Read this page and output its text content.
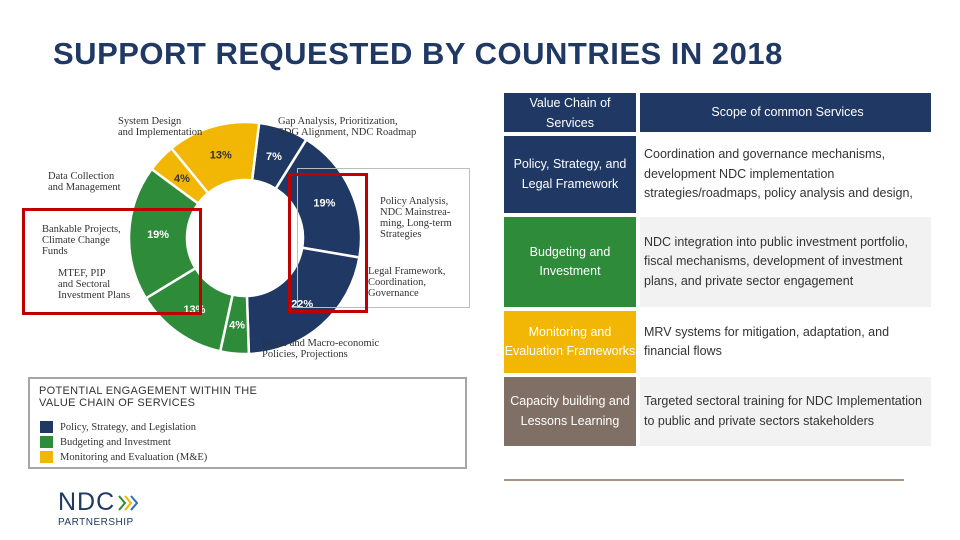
SUPPORT REQUESTED BY COUNTRIES IN 2018
7%
19%
22%
4%
13%
19%
4%
13%
System Design
and Implementation
Gap Analysis, Prioritization,
SDG Alignment, NDC Roadmap
Data Collection
and Management
Policy Analysis,
NDC Mainstrea-
ming, Long-term
Strategies
Bankable Projects,
Climate Change
Funds
Legal Framework,
Coordination,
Governance
MTEF, PIP
and Sectoral
Investment Plans
Fiscal and Macro-economic
Policies, Projections
POTENTIAL ENGAGEMENT WITHIN THE
VALUE CHAIN OF SERVICES
Policy, Strategy, and Legislation
Budgeting and Investment
Monitoring and Evaluation (M&E)
Value Chain of Services
Scope of common Services
Policy, Strategy, and Legal Framework
Coordination and governance mechanisms, development NDC implementation strategies/roadmaps, policy analysis and design,
Budgeting and Investment
NDC integration into public investment portfolio, fiscal mechanisms, development of investment plans, and private sector engagement
Monitoring and Evaluation Frameworks
MRV systems for mitigation, adaptation, and financial flows
Capacity building and Lessons Learning
Targeted sectoral training for NDC Implementation to public and private sectors stakeholders
NDC
PARTNERSHIP
